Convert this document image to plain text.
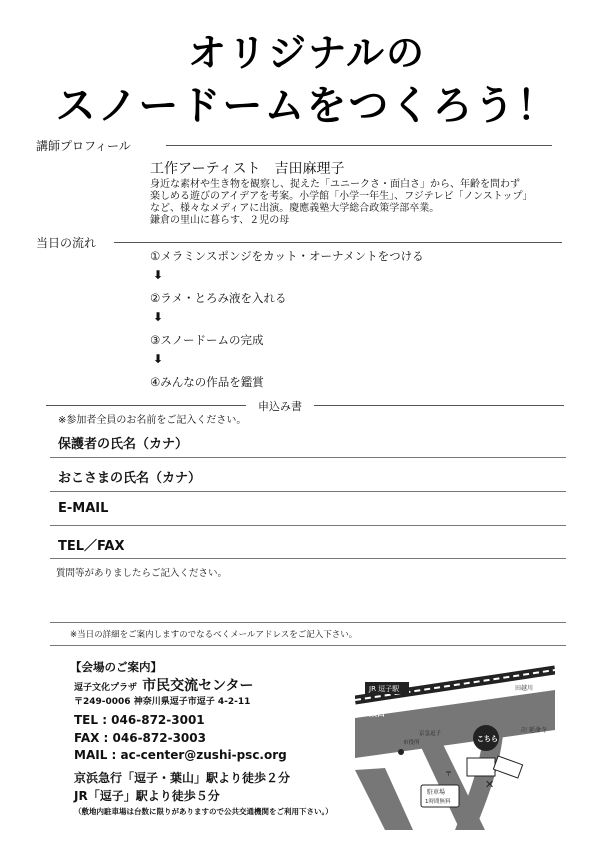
オリジナルの
スノードームをつくろう！
講師プロフィール
工作アーティスト　吉田麻理子
身近な素材や生き物を観察し、捉えた「ユニークさ・面白さ」から、年齢を問わず
楽しめる遊びのアイデアを考案。小学館「小学一年生」、フジテレビ「ノンストップ」
など、様々なメディアに出演。慶應義塾大学総合政策学部卒業。
鎌倉の里山に暮らす、２児の母
当日の流れ
①メラミンスポンジをカット・オーナメントをつける
⬇
②ラメ・とろみ液を入れる
⬇
③スノードームの完成
⬇
④みんなの作品を鑑賞
申込み書
※参加者全員のお名前をご記入ください。
保護者の氏名（カナ）
おこさまの氏名（カナ）
E-MAIL
TEL／FAX
質問等がありましたらご記入ください。
※当日の詳細をご案内しますのでなるべくメールアドレスをご記入下さい。
【会場のご案内】
逗子文化プラザ 市民交流センター
〒249-0006 神奈川県逗子市逗子 4-2-11
TEL : 046-872-3001
FAX : 046-872-3003
MAIL : ac-center@zushi-psc.org
京浜急行「逗子・葉山」駅より徒歩２分
JR「逗子」駅より徒歩５分
（敷地内駐車場は台数に限りがありますので公共交通機関をご利用下さい。）
JR 逗子駅
東口
田越川
卍 延命寺
市役所
京急逗子
こちら
✕
〒
駐車場
1時間無料
